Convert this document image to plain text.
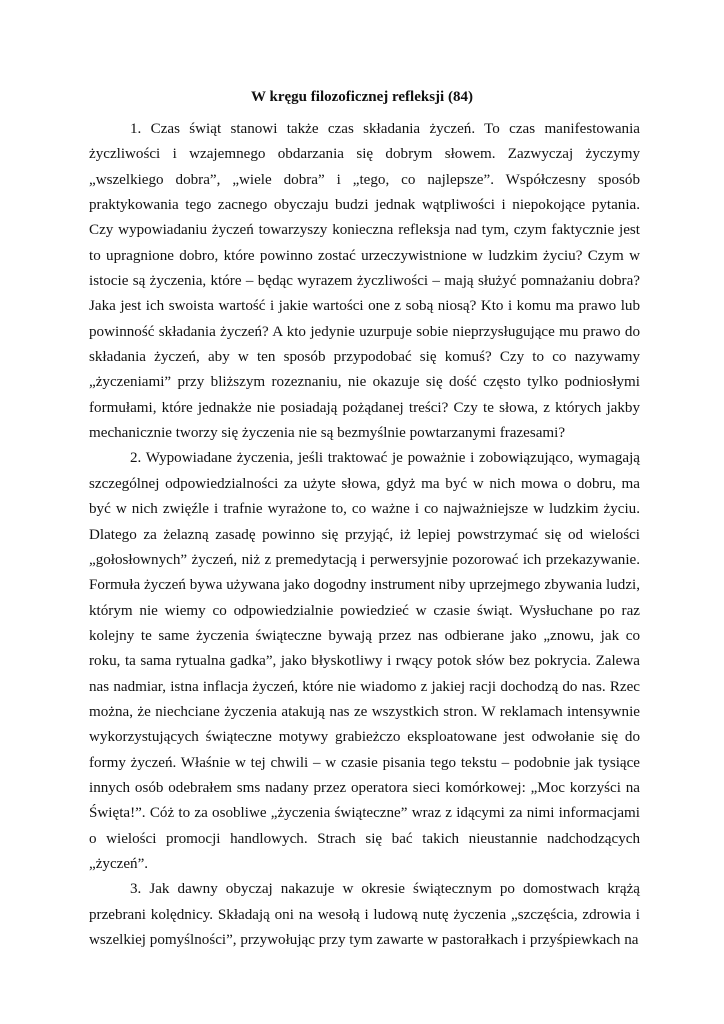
W kręgu filozoficznej refleksji (84)

1. Czas świąt stanowi także czas składania życzeń. To czas manifestowania życzliwości i wzajemnego obdarzania się dobrym słowem. Zazwyczaj życzymy „wszelkiego dobra”, „wiele dobra” i „tego, co najlepsze”. Współczesny sposób praktykowania tego zacnego obyczaju budzi jednak wątpliwości i niepokojące pytania. Czy wypowiadaniu życzeń towarzyszy konieczna refleksja nad tym, czym faktycznie jest to upragnione dobro, które powinno zostać urzeczywistnione w ludzkim życiu? Czym w istocie są życzenia, które – będąc wyrazem życzliwości – mają służyć pomnażaniu dobra? Jaka jest ich swoista wartość i jakie wartości one z sobą niosą? Kto i komu ma prawo lub powinność składania życzeń? A kto jedynie uzurpuje sobie nieprzysługujące mu prawo do składania życzeń, aby w ten sposób przypodobać się komuś? Czy to co nazywamy „życzeniami” przy bliższym rozeznaniu, nie okazuje się dość często tylko podniosłymi formułami, które jednakże nie posiadają pożądanej treści? Czy te słowa, z których jakby mechanicznie tworzy się życzenia nie są bezmyślnie powtarzanymi frazesami?

2. Wypowiadane życzenia, jeśli traktować je poważnie i zobowiązująco, wymagają szczególnej odpowiedzialności za użyte słowa, gdyż ma być w nich mowa o dobru, ma być w nich zwięźle i trafnie wyrażone to, co ważne i co najważniejsze w ludzkim życiu. Dlatego za żelazną zasadę powinno się przyjąć, iż lepiej powstrzymać się od wielości „gołosłownych” życzeń, niż z premedytacją i perwersyjnie pozorować ich przekazywanie. Formuła życzeń bywa używana jako dogodny instrument niby uprzejmego zbywania ludzi, którym nie wiemy co odpowiedzialnie powiedzieć w czasie świąt. Wysłuchane po raz kolejny te same życzenia świąteczne bywają przez nas odbierane jako „znowu, jak co roku, ta sama rytualna gadka”, jako błyskotliwy i rwący potok słów bez pokrycia. Zalewa nas nadmiar, istna inflacja życzeń, które nie wiadomo z jakiej racji dochodzą do nas. Rzec można, że niechciane życzenia atakują nas ze wszystkich stron. W reklamach intensywnie wykorzystujących świąteczne motywy grabieżczo eksploatowane jest odwołanie się do formy życzeń. Właśnie w tej chwili – w czasie pisania tego tekstu – podobnie jak tysiące innych osób odebrałem sms nadany przez operatora sieci komórkowej: „Moc korzyści na Święta!”. Cóż to za osobliwe „życzenia świąteczne” wraz z idącymi za nimi informacjami o wielości promocji handlowych. Strach się bać takich nieustannie nadchodzących „życzeń”.

3. Jak dawny obyczaj nakazuje w okresie świątecznym po domostwach krążą przebrani kolędnicy. Składają oni na wesołą i ludową nutę życzenia „szczęścia, zdrowia i wszelkiej pomyślności”, przywołując przy tym zawarte w pastorałkach i przyśpiewkach na
